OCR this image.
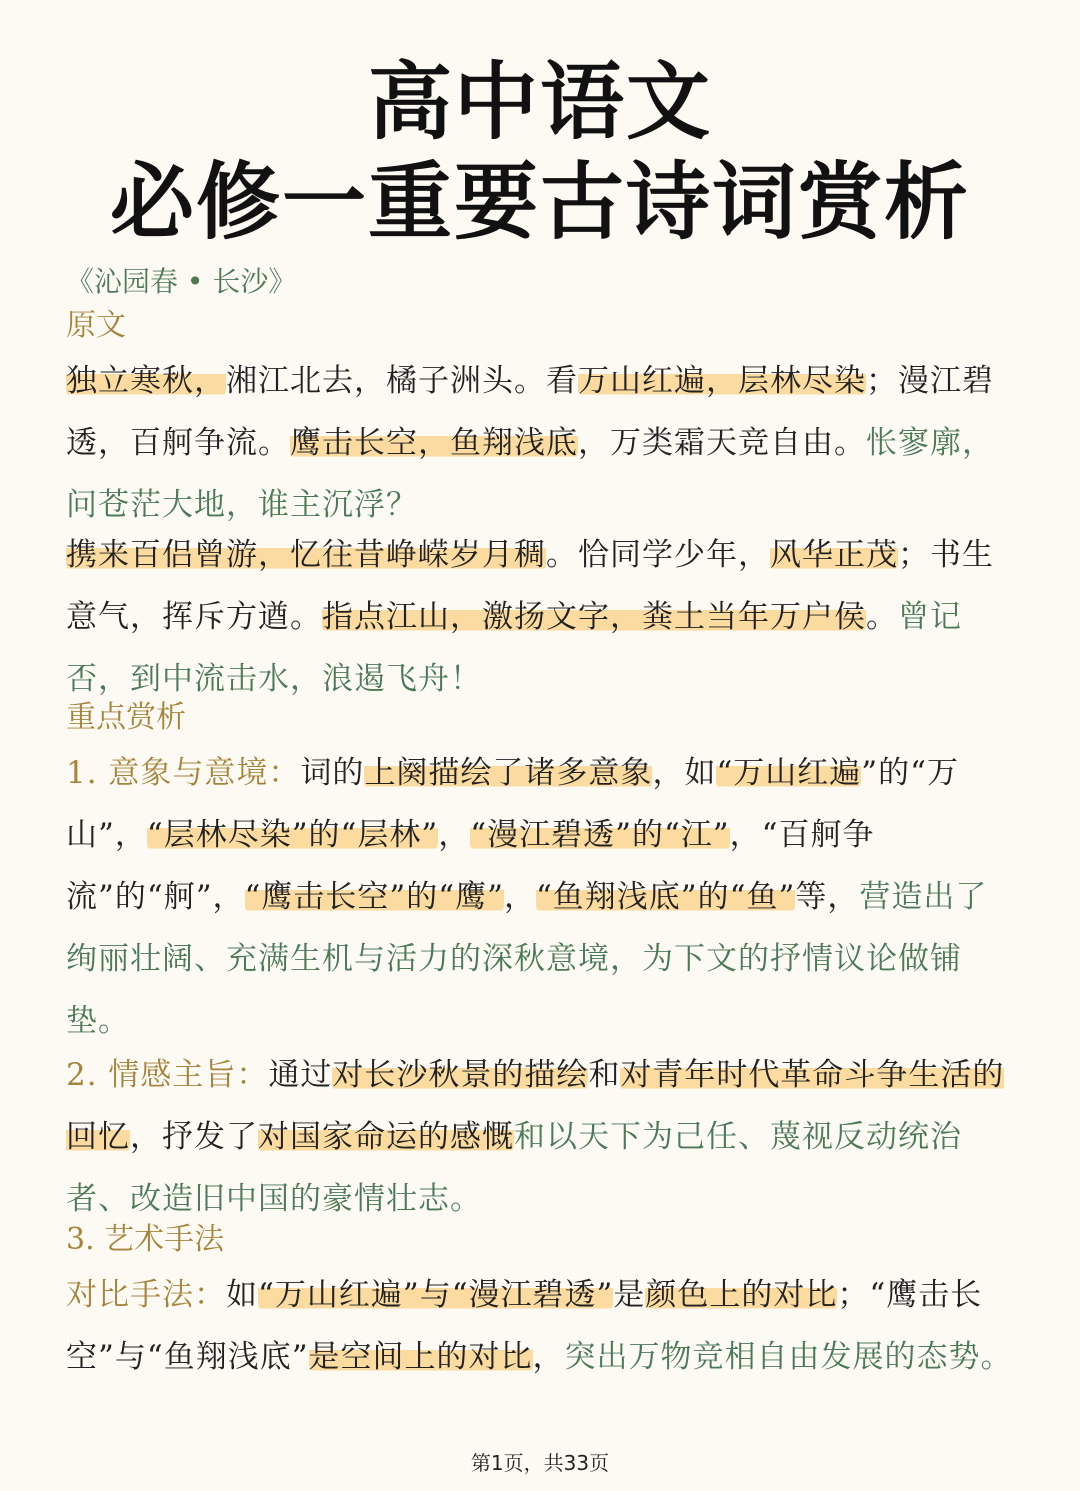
高中语文
必修一重要古诗词赏析
《沁园春 • 长沙》
原文
独立寒秋，湘江北去，橘子洲头。看万山红遍，层林尽染；漫江碧透，百舸争流。鹰击长空，鱼翔浅底，万类霜天竞自由。怅寥廓，问苍茫大地，谁主沉浮？
携来百侣曾游，忆往昔峥嵘岁月稠。恰同学少年，风华正茂；书生意气，挥斥方遒。指点江山，激扬文字，粪土当年万户侯。曾记否，到中流击水，浪遏飞舟！
重点赏析
1. 意象与意境：词的上阕描绘了诸多意象，如“万山红遍”的“万山”，“层林尽染”的“层林”，“漫江碧透”的“江”，“百舸争流”的“舸”，“鹰击长空”的“鹰”，“鱼翔浅底”的“鱼”等，营造出了绚丽壮阔、充满生机与活力的深秋意境，为下文的抒情议论做铺垫。
2. 情感主旨：通过对长沙秋景的描绘和对青年时代革命斗争生活的回忆，抒发了对国家命运的感慨和以天下为己任、蔑视反动统治者、改造旧中国的豪情壮志。
3. 艺术手法
对比手法：如“万山红遍”与“漫江碧透”是颜色上的对比；“鹰击长空”与“鱼翔浅底”是空间上的对比，突出万物竞相自由发展的态势。
第1页，共33页
